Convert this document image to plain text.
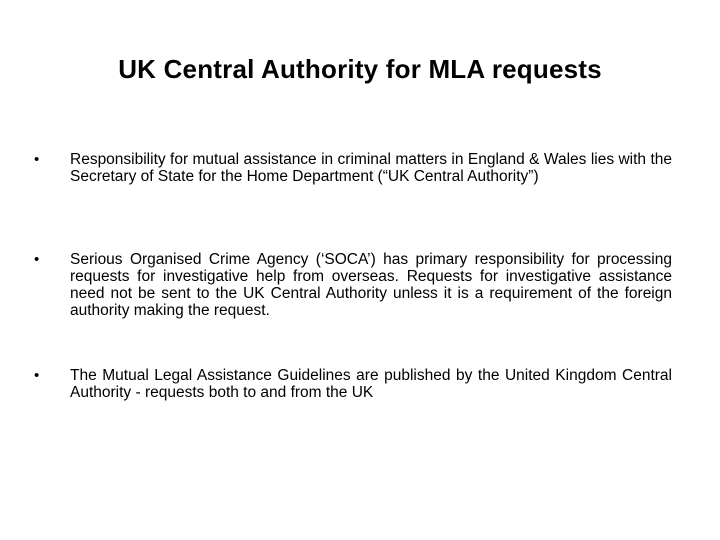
UK Central Authority for MLA requests
• Responsibility for mutual assistance in criminal matters in England & Wales lies with the Secretary of State for the Home Department (“UK Central Authority”)
• Serious Organised Crime Agency (‘SOCA’) has primary responsibility for processing requests for investigative help from overseas. Requests for investigative assistance need not be sent to the UK Central Authority unless it is a requirement of the foreign authority making the request.
• The Mutual Legal Assistance Guidelines are published by the United Kingdom Central Authority - requests both to and from the UK
